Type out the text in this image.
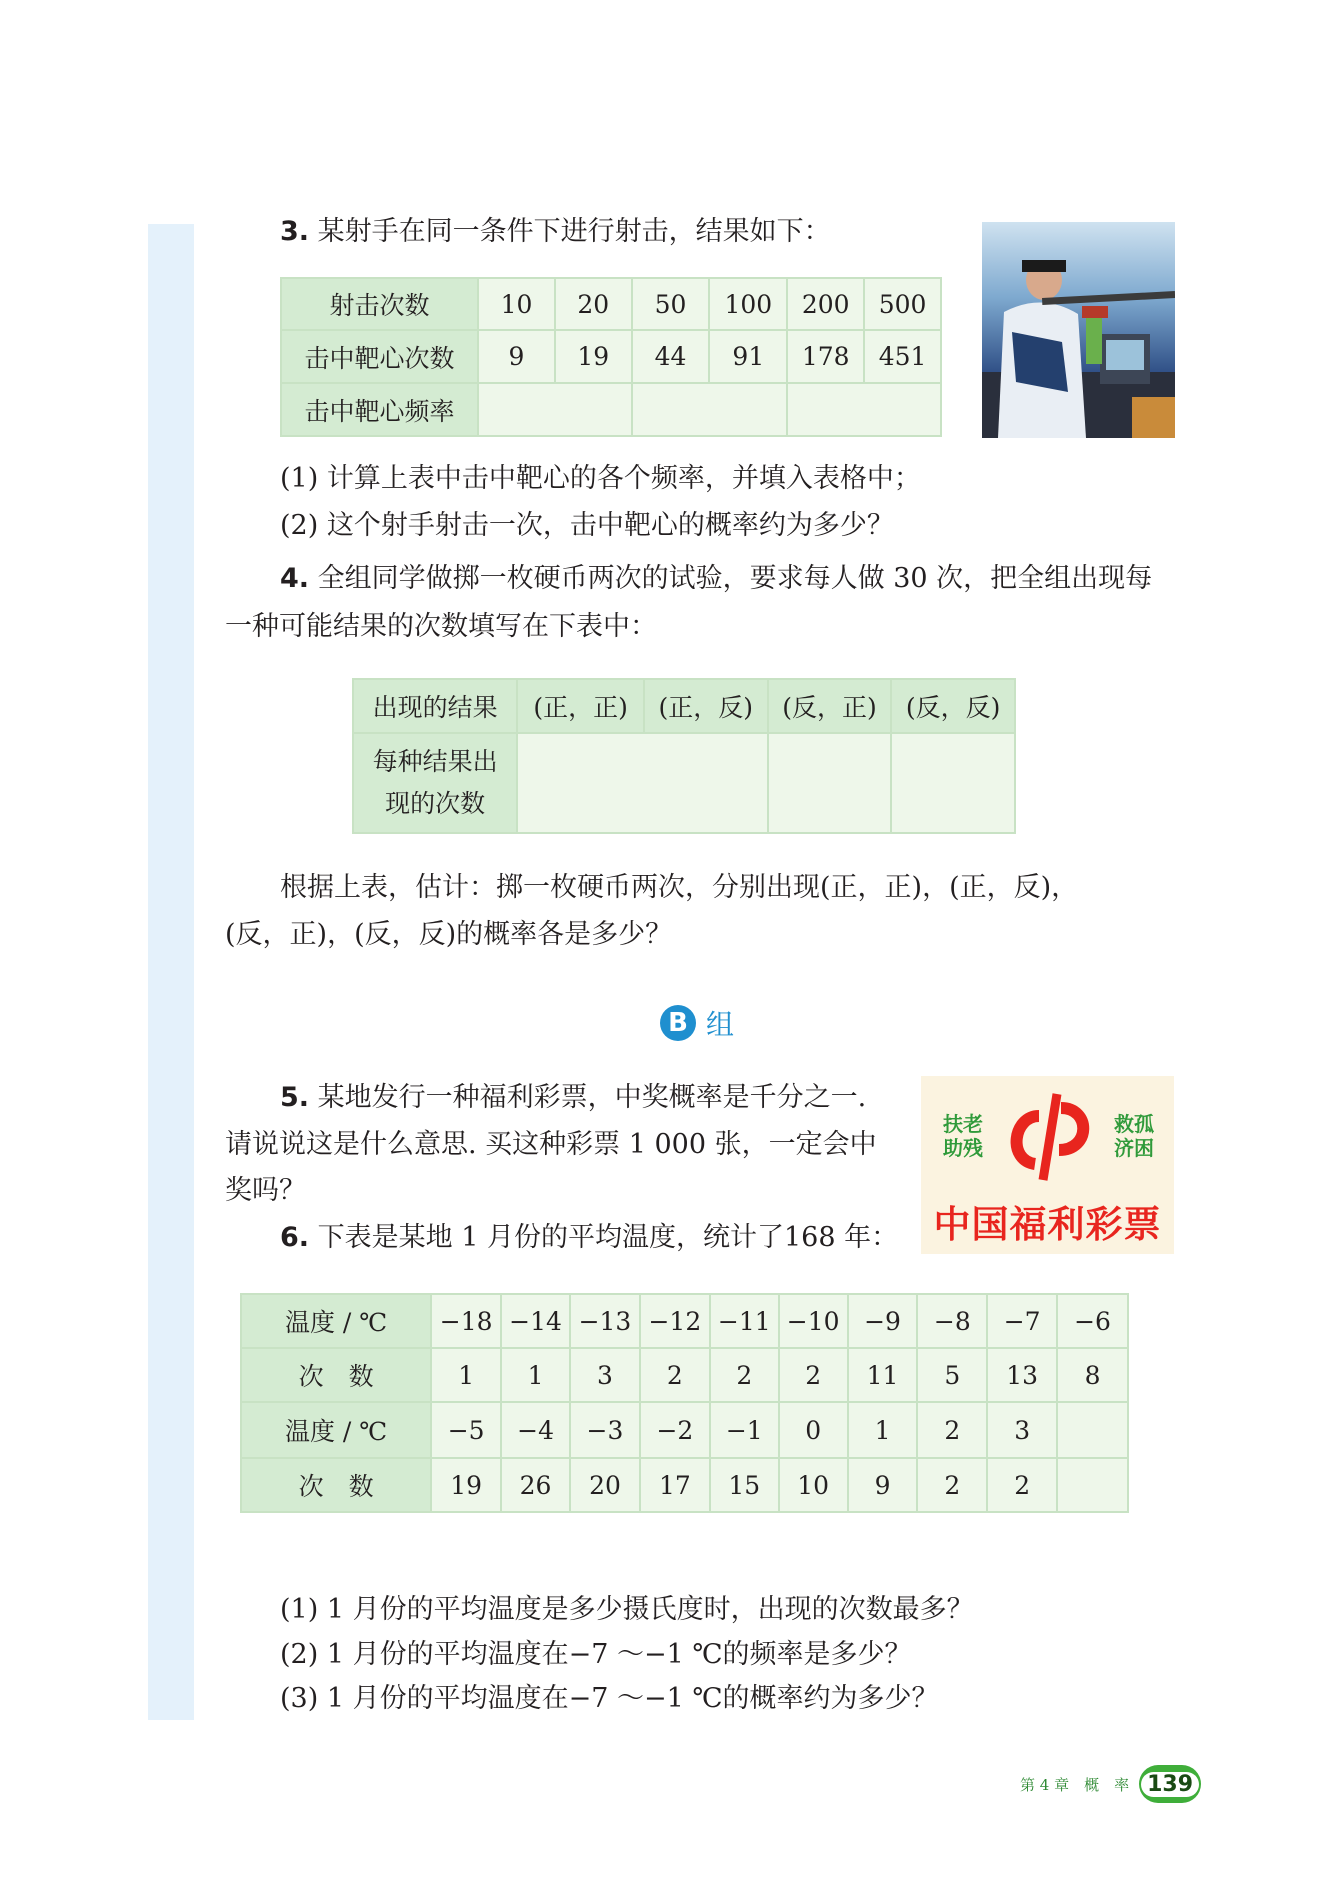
3. 某射手在同一条件下进行射击，结果如下：
射击次数	10	20	50	100	200	500
击中靶心次数	9	19	44	91	178	451
击中靶心频率						
(1) 计算上表中击中靶心的各个频率，并填入表格中；
(2) 这个射手射击一次，击中靶心的概率约为多少？
4. 全组同学做掷一枚硬币两次的试验，要求每人做 30 次，把全组出现每
一种可能结果的次数填写在下表中：
出现的结果	(正，正)	(正，反)	(反，正)	(反，反)

每种结果出
现的次数				

根据上表，估计：掷一枚硬币两次，分别出现(正，正)，(正，反)，
(反，正)，(反，反)的概率各是多少？
B 组
5. 某地发行一种福利彩票，中奖概率是千分之一.
请说说这是什么意思. 买这种彩票 1 000 张，一定会中
奖吗？
扶老
助残
救孤
济困
中国福利彩票
6. 下表是某地 1 月份的平均温度，统计了168 年：
温度 / ℃	−18	−14	−13	−12	−11	−10	−9	−8	−7	−6
次　数	1	1	3	2	2	2	11	5	13	8
温度 / ℃	−5	−4	−3	−2	−1	0	1	2	3	
次　数	19	26	20	17	15	10	9	2	2	
(1) 1 月份的平均温度是多少摄氏度时，出现的次数最多？
(2) 1 月份的平均温度在−7 ～−1 ℃的频率是多少？
(3) 1 月份的平均温度在−7 ～−1 ℃的概率约为多少？
第 4 章　概　率 139
